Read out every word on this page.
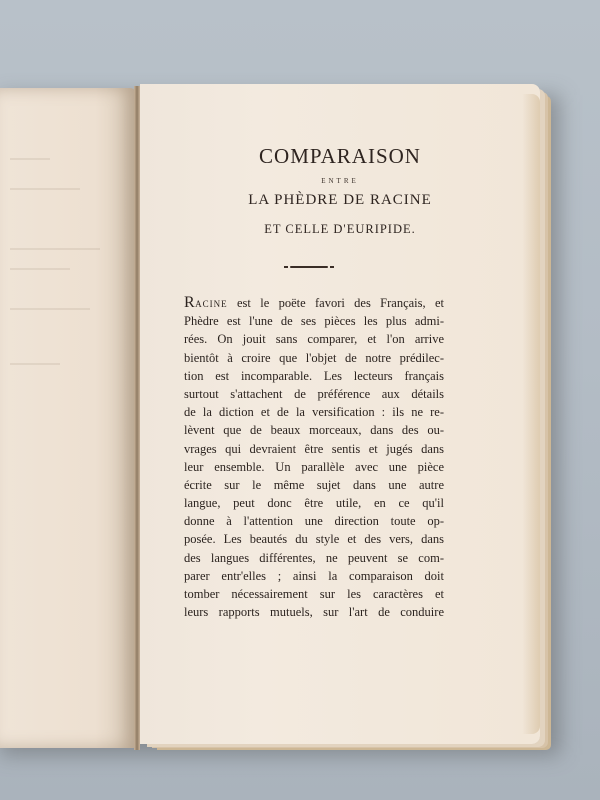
COMPARAISON
ENTRE
LA PHÈDRE DE RACINE
ET CELLE D'EURIPIDE.
RACINE est le poëte favori des Français, et
Phèdre est l'une de ses pièces les plus admi-
rées. On jouit sans comparer, et l'on arrive
bientôt à croire que l'objet de notre prédilec-
tion est incomparable. Les lecteurs français
surtout s'attachent de préférence aux détails
de la diction et de la versification : ils ne re-
lèvent que de beaux morceaux, dans des ou-
vrages qui devraient être sentis et jugés dans
leur ensemble. Un parallèle avec une pièce
écrite sur le même sujet dans une autre
langue, peut donc être utile, en ce qu'il
donne à l'attention une direction toute op-
posée. Les beautés du style et des vers, dans
des langues différentes, ne peuvent se com-
parer entr'elles ; ainsi la comparaison doit
tomber nécessairement sur les caractères et
leurs rapports mutuels, sur l'art de conduire
